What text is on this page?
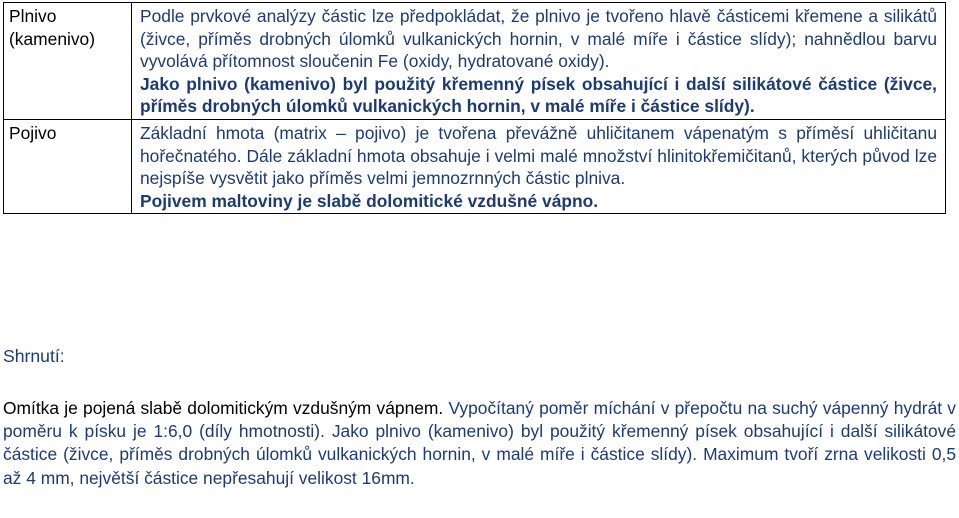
Plnivo (kamenivo)	Podle prvkové analýzy částic lze předpokládat, že plnivo je tvořeno hlavě částicemi křemene a silikátů (živce, příměs drobných úlomků vulkanických hornin, v malé míře i částice slídy); nahnědlou barvu vyvolává přítomnost sloučenin Fe (oxidy, hydratované oxidy).

Jako plnivo (kamenivo) byl použitý křemenný písek obsahující i další silikátové částice (živce, příměs drobných úlomků vulkanických hornin, v malé míře i částice slídy).

Pojivo	Základní hmota (matrix – pojivo) je tvořena převážně uhličitanem vápenatým s příměsí uhličitanu hořečnatého. Dále základní hmota obsahuje i velmi malé množství hlinitokřemičitanů, kterých původ lze nejspíše vysvětit jako příměs velmi jemnozrnných částic plniva.

Pojivem maltoviny je slabě dolomitické vzdušné vápno.

Shrnutí:

Omítka je pojená slabě dolomitickým vzdušným vápnem. Vypočítaný poměr míchání v přepočtu na suchý vápenný hydrát v poměru k písku je 1:6,0 (díly hmotnosti). Jako plnivo (kamenivo) byl použitý křemenný písek obsahující i další silikátové částice (živce, příměs drobných úlomků vulkanických hornin, v malé míře i částice slídy). Maximum tvoří zrna velikosti 0,5 až 4 mm, největší částice nepřesahují velikost 16mm.
